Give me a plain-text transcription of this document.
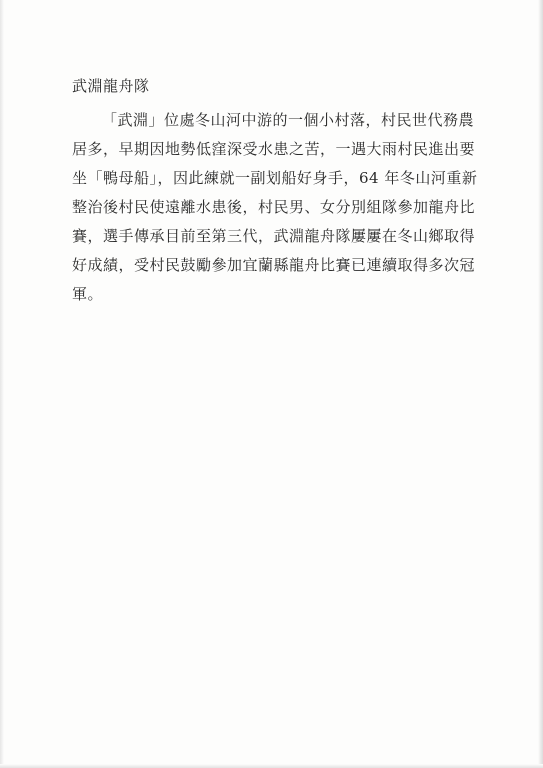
武淵龍舟隊

「武淵」位處冬山河中游的一個小村落，村民世代務農
居多，早期因地勢低窪深受水患之苦，一遇大雨村民進出要
坐「鴨母船」，因此練就一副划船好身手，64 年冬山河重新
整治後村民使遠離水患後，村民男、女分別組隊參加龍舟比
賽，選手傳承目前至第三代，武淵龍舟隊屢屢在冬山鄉取得
好成績，受村民鼓勵參加宜蘭縣龍舟比賽已連續取得多次冠
軍。
